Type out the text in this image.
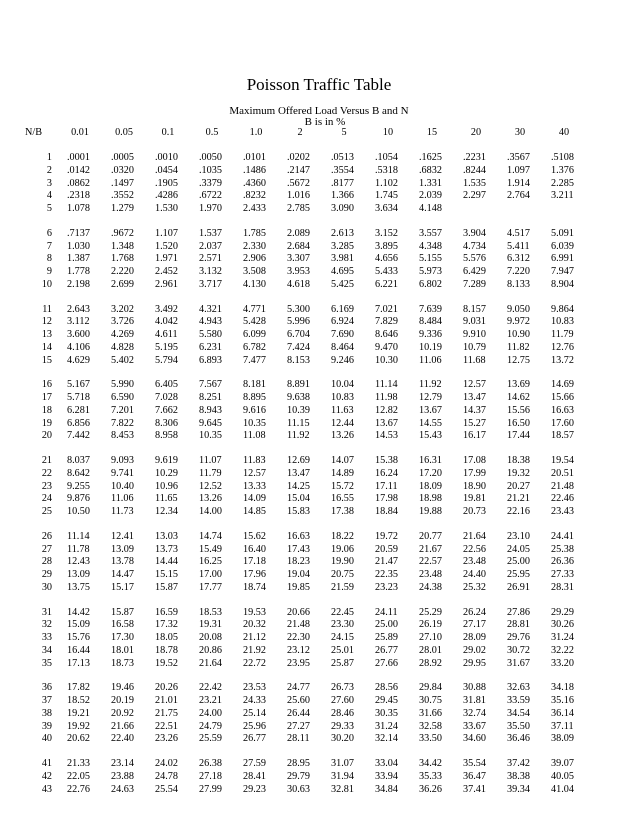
Poisson Traffic Table
Maximum Offered Load Versus B and N
B is in %
N/B	0.01	0.05	0.1	0.5	1.0	2	5	10	15	20	30	40

1	.0001	.0005	.0010	.0050	.0101	.0202	.0513	.1054	.1625	.2231	.3567	.5108
2	.0142	.0320	.0454	.1035	.1486	.2147	.3554	.5318	.6832	.8244	1.097	1.376
3	.0862	.1497	.1905	.3379	.4360	.5672	.8177	1.102	1.331	1.535	1.914	2.285
4	.2318	.3552	.4286	.6722	.8232	1.016	1.366	1.745	2.039	2.297	2.764	3.211
5	1.078	1.279	1.530	1.970	2.433	2.785	3.090	3.634	4.148			

6	.7137	.9672	1.107	1.537	1.785	2.089	2.613	3.152	3.557	3.904	4.517	5.091
7	1.030	1.348	1.520	2.037	2.330	2.684	3.285	3.895	4.348	4.734	5.411	6.039
8	1.387	1.768	1.971	2.571	2.906	3.307	3.981	4.656	5.155	5.576	6.312	6.991
9	1.778	2.220	2.452	3.132	3.508	3.953	4.695	5.433	5.973	6.429	7.220	7.947
10	2.198	2.699	2.961	3.717	4.130	4.618	5.425	6.221	6.802	7.289	8.133	8.904

11	2.643	3.202	3.492	4.321	4.771	5.300	6.169	7.021	7.639	8.157	9.050	9.864
12	3.112	3.726	4.042	4.943	5.428	5.996	6.924	7.829	8.484	9.031	9.972	10.83
13	3.600	4.269	4.611	5.580	6.099	6.704	7.690	8.646	9.336	9.910	10.90	11.79
14	4.106	4.828	5.195	6.231	6.782	7.424	8.464	9.470	10.19	10.79	11.82	12.76
15	4.629	5.402	5.794	6.893	7.477	8.153	9.246	10.30	11.06	11.68	12.75	13.72

16	5.167	5.990	6.405	7.567	8.181	8.891	10.04	11.14	11.92	12.57	13.69	14.69
17	5.718	6.590	7.028	8.251	8.895	9.638	10.83	11.98	12.79	13.47	14.62	15.66
18	6.281	7.201	7.662	8.943	9.616	10.39	11.63	12.82	13.67	14.37	15.56	16.63
19	6.856	7.822	8.306	9.645	10.35	11.15	12.44	13.67	14.55	15.27	16.50	17.60
20	7.442	8.453	8.958	10.35	11.08	11.92	13.26	14.53	15.43	16.17	17.44	18.57

21	8.037	9.093	9.619	11.07	11.83	12.69	14.07	15.38	16.31	17.08	18.38	19.54
22	8.642	9.741	10.29	11.79	12.57	13.47	14.89	16.24	17.20	17.99	19.32	20.51
23	9.255	10.40	10.96	12.52	13.33	14.25	15.72	17.11	18.09	18.90	20.27	21.48
24	9.876	11.06	11.65	13.26	14.09	15.04	16.55	17.98	18.98	19.81	21.21	22.46
25	10.50	11.73	12.34	14.00	14.85	15.83	17.38	18.84	19.88	20.73	22.16	23.43

26	11.14	12.41	13.03	14.74	15.62	16.63	18.22	19.72	20.77	21.64	23.10	24.41
27	11.78	13.09	13.73	15.49	16.40	17.43	19.06	20.59	21.67	22.56	24.05	25.38
28	12.43	13.78	14.44	16.25	17.18	18.23	19.90	21.47	22.57	23.48	25.00	26.36
29	13.09	14.47	15.15	17.00	17.96	19.04	20.75	22.35	23.48	24.40	25.95	27.33
30	13.75	15.17	15.87	17.77	18.74	19.85	21.59	23.23	24.38	25.32	26.91	28.31

31	14.42	15.87	16.59	18.53	19.53	20.66	22.45	24.11	25.29	26.24	27.86	29.29
32	15.09	16.58	17.32	19.31	20.32	21.48	23.30	25.00	26.19	27.17	28.81	30.26
33	15.76	17.30	18.05	20.08	21.12	22.30	24.15	25.89	27.10	28.09	29.76	31.24
34	16.44	18.01	18.78	20.86	21.92	23.12	25.01	26.77	28.01	29.02	30.72	32.22
35	17.13	18.73	19.52	21.64	22.72	23.95	25.87	27.66	28.92	29.95	31.67	33.20

36	17.82	19.46	20.26	22.42	23.53	24.77	26.73	28.56	29.84	30.88	32.63	34.18
37	18.52	20.19	21.01	23.21	24.33	25.60	27.60	29.45	30.75	31.81	33.59	35.16
38	19.21	20.92	21.75	24.00	25.14	26.44	28.46	30.35	31.66	32.74	34.54	36.14
39	19.92	21.66	22.51	24.79	25.96	27.27	29.33	31.24	32.58	33.67	35.50	37.11
40	20.62	22.40	23.26	25.59	26.77	28.11	30.20	32.14	33.50	34.60	36.46	38.09

41	21.33	23.14	24.02	26.38	27.59	28.95	31.07	33.04	34.42	35.54	37.42	39.07
42	22.05	23.88	24.78	27.18	28.41	29.79	31.94	33.94	35.33	36.47	38.38	40.05
43	22.76	24.63	25.54	27.99	29.23	30.63	32.81	34.84	36.26	37.41	39.34	41.04
